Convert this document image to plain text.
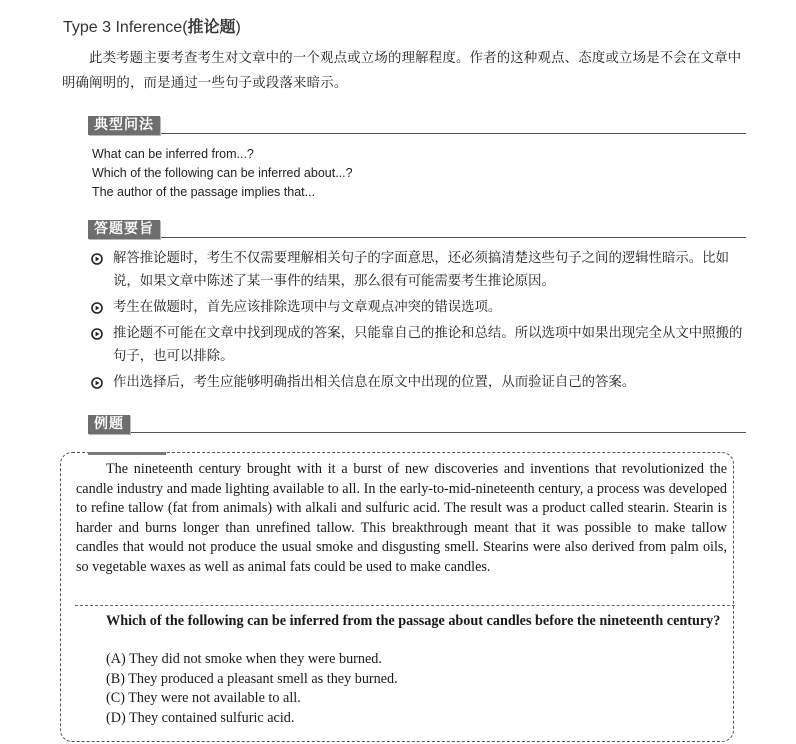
Type 3 Inference(推论题)
此类考题主要考查考生对文章中的一个观点或立场的理解程度。作者的这种观点、态度或立场是不会在文章中明确阐明的，而是通过一些句子或段落来暗示。
典型问法
What can be inferred from...?
Which of the following can be inferred about...?
The author of the passage implies that...
答题要旨
解答推论题时，考生不仅需要理解相关句子的字面意思，还必须搞清楚这些句子之间的逻辑性暗示。比如说，如果文章中陈述了某一事件的结果，那么很有可能需要考生推论原因。
考生在做题时，首先应该排除选项中与文章观点冲突的错误选项。
推论题不可能在文章中找到现成的答案，只能靠自己的推论和总结。所以选项中如果出现完全从文中照搬的句子，也可以排除。
作出选择后，考生应能够明确指出相关信息在原文中出现的位置，从而验证自己的答案。
例题
The nineteenth century brought with it a burst of new discoveries and inventions that revolutionized the candle industry and made lighting available to all. In the early-to-mid-nineteenth century, a process was developed to refine tallow (fat from animals) with alkali and sulfuric acid. The result was a product called stearin. Stearin is harder and burns longer than unrefined tallow. This breakthrough meant that it was possible to make tallow candles that would not produce the usual smoke and disgusting smell. Stearins were also derived from palm oils, so vegetable waxes as well as animal fats could be used to make candles.
Which of the following can be inferred from the passage about candles before the nineteenth century?
(A) They did not smoke when they were burned.
(B) They produced a pleasant smell as they burned.
(C) They were not available to all.
(D) They contained sulfuric acid.
